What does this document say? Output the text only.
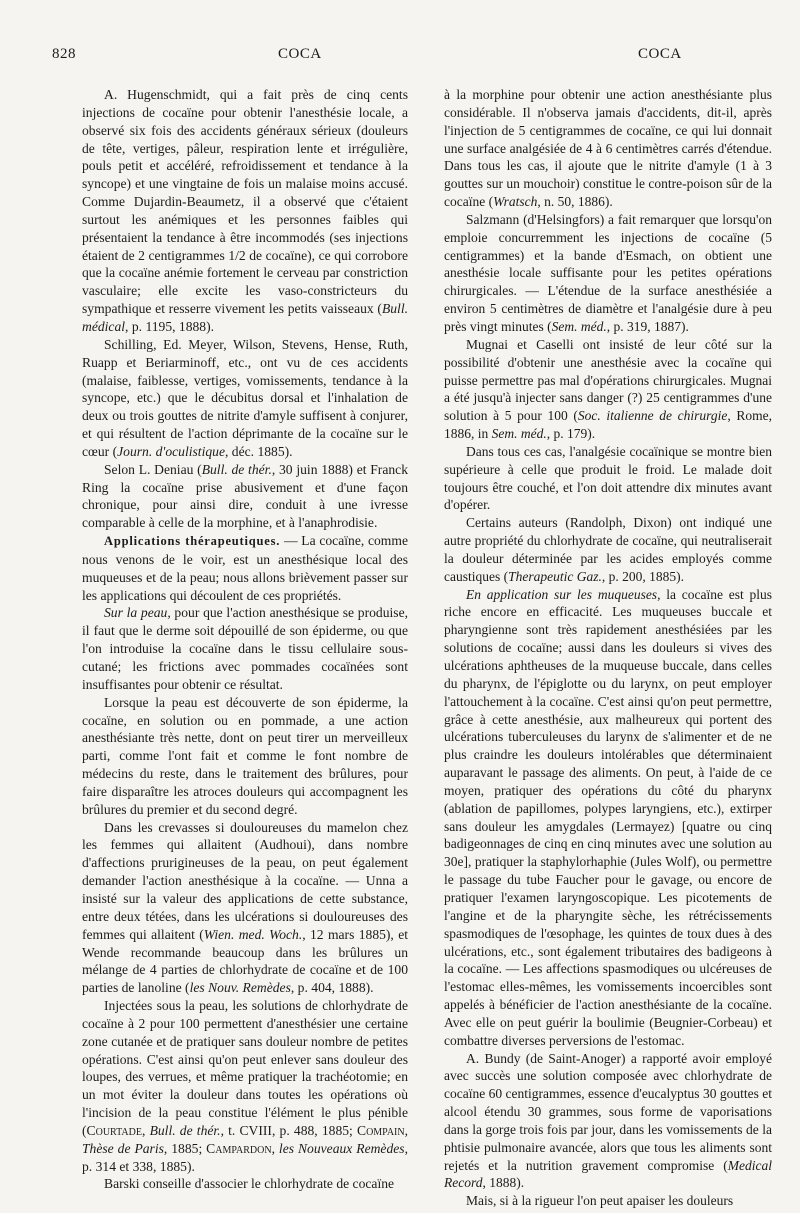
828	COCA	COCA

A. Hugenschmidt, qui a fait près de cinq cents injections de cocaïne pour obtenir l'anesthésie locale, a observé six fois des accidents généraux sérieux (douleurs de tête, vertiges, pâleur, respiration lente et irrégulière, pouls petit et accéléré, refroidissement et tendance à la syncope) et une vingtaine de fois un malaise moins accusé. Comme Dujardin-Beaumetz, il a observé que c'étaient surtout les anémiques et les personnes faibles qui présentaient la tendance à être incommodés (ses injections étaient de 2 centigrammes 1/2 de cocaïne), ce qui corrobore que la cocaïne anémie fortement le cerveau par constriction vasculaire; elle excite les vaso-constricteurs du sympathique et resserre vivement les petits vaisseaux (Bull. médical, p. 1195, 1888).

Schilling, Ed. Meyer, Wilson, Stevens, Hense, Ruth, Ruapp et Beriarminoff, etc., ont vu de ces accidents (malaise, faiblesse, vertiges, vomissements, tendance à la syncope, etc.) que le décubitus dorsal et l'inhalation de deux ou trois gouttes de nitrite d'amyle suffisent à conjurer, et qui résultent de l'action déprimante de la cocaïne sur le cœur (Journ. d'oculistique, déc. 1885).

Selon L. Deniau (Bull. de thér., 30 juin 1888) et Franck Ring la cocaïne prise abusivement et d'une façon chronique, pour ainsi dire, conduit à une ivresse comparable à celle de la morphine, et à l'anaphrodisie.

Applications thérapeutiques. — La cocaïne, comme nous venons de le voir, est un anesthésique local des muqueuses et de la peau; nous allons brièvement passer sur les applications qui découlent de ces propriétés.

Sur la peau, pour que l'action anesthésique se produise, il faut que le derme soit dépouillé de son épiderme, ou que l'on introduise la cocaïne dans le tissu cellulaire sous-cutané; les frictions avec pommades cocaïnées sont insuffisantes pour obtenir ce résultat.

Lorsque la peau est découverte de son épiderme, la cocaïne, en solution ou en pommade, a une action anesthésiante très nette, dont on peut tirer un merveilleux parti, comme l'ont fait et comme le font nombre de médecins du reste, dans le traitement des brûlures, pour faire disparaître les atroces douleurs qui accompagnent les brûlures du premier et du second degré.

Dans les crevasses si douloureuses du mamelon chez les femmes qui allaitent (Audhoui), dans nombre d'affections prurigineuses de la peau, on peut également demander l'action anesthésique à la cocaïne. — Unna a insisté sur la valeur des applications de cette substance, entre deux tétées, dans les ulcérations si douloureuses des femmes qui allaitent (Wien. med. Woch., 12 mars 1885), et Wende recommande beaucoup dans les brûlures un mélange de 4 parties de chlorhydrate de cocaïne et de 100 parties de lanoline (les Nouv. Remèdes, p. 404, 1888).

Injectées sous la peau, les solutions de chlorhydrate de cocaïne à 2 pour 100 permettent d'anesthésier une certaine zone cutanée et de pratiquer sans douleur nombre de petites opérations. C'est ainsi qu'on peut enlever sans douleur des loupes, des verrues, et même pratiquer la trachéotomie; en un mot éviter la douleur dans toutes les opérations où l'incision de la peau constitue l'élément le plus pénible (Courtade, Bull. de thér., t. CVIII, p. 488, 1885; Compain, Thèse de Paris, 1885; Campardon, les Nouveaux Remèdes, p. 314 et 338, 1885).

Barski conseille d'associer le chlorhydrate de cocaïne

à la morphine pour obtenir une action anesthésiante plus considérable. Il n'observa jamais d'accidents, dit-il, après l'injection de 5 centigrammes de cocaïne, ce qui lui donnait une surface analgésiée de 4 à 6 centimètres carrés d'étendue. Dans tous les cas, il ajoute que le nitrite d'amyle (1 à 3 gouttes sur un mouchoir) constitue le contre-poison sûr de la cocaïne (Wratsch, n. 50, 1886).

Salzmann (d'Helsingfors) a fait remarquer que lorsqu'on emploie concurremment les injections de cocaïne (5 centigrammes) et la bande d'Esmach, on obtient une anesthésie locale suffisante pour les petites opérations chirurgicales. — L'étendue de la surface anesthésiée a environ 5 centimètres de diamètre et l'analgésie dure à peu près vingt minutes (Sem. méd., p. 319, 1887).

Mugnai et Caselli ont insisté de leur côté sur la possibilité d'obtenir une anesthésie avec la cocaïne qui puisse permettre pas mal d'opérations chirurgicales. Mugnai a été jusqu'à injecter sans danger (?) 25 centigrammes d'une solution à 5 pour 100 (Soc. italienne de chirurgie, Rome, 1886, in Sem. méd., p. 179).

Dans tous ces cas, l'analgésie cocaïnique se montre bien supérieure à celle que produit le froid. Le malade doit toujours être couché, et l'on doit attendre dix minutes avant d'opérer.

Certains auteurs (Randolph, Dixon) ont indiqué une autre propriété du chlorhydrate de cocaïne, qui neutraliserait la douleur déterminée par les acides employés comme caustiques (Therapeutic Gaz., p. 200, 1885).

En application sur les muqueuses, la cocaïne est plus riche encore en efficacité. Les muqueuses buccale et pharyngienne sont très rapidement anesthésiées par les solutions de cocaïne; aussi dans les douleurs si vives des ulcérations aphtheuses de la muqueuse buccale, dans celles du pharynx, de l'épiglotte ou du larynx, on peut employer l'attouchement à la cocaïne. C'est ainsi qu'on peut permettre, grâce à cette anesthésie, aux malheureux qui portent des ulcérations tuberculeuses du larynx de s'alimenter et de ne plus craindre les douleurs intolérables que déterminaient auparavant le passage des aliments. On peut, à l'aide de ce moyen, pratiquer des opérations du côté du pharynx (ablation de papillomes, polypes laryngiens, etc.), extirper sans douleur les amygdales (Lermayez) [quatre ou cinq badigeonnages de cinq en cinq minutes avec une solution au 30e], pratiquer la staphylorhaphie (Jules Wolf), ou permettre le passage du tube Faucher pour le gavage, ou encore de pratiquer l'examen laryngoscopique. Les picotements de l'angine et de la pharyngite sèche, les rétrécissements spasmodiques de l'œsophage, les quintes de toux dues à des ulcérations, etc., sont également tributaires des badigeons à la cocaïne. — Les affections spasmodiques ou ulcéreuses de l'estomac elles-mêmes, les vomissements incoercibles sont appelés à bénéficier de l'action anesthésiante de la cocaïne. Avec elle on peut guérir la boulimie (Beugnier-Corbeau) et combattre diverses perversions de l'estomac.

A. Bundy (de Saint-Anoger) a rapporté avoir employé avec succès une solution composée avec chlorhydrate de cocaïne 60 centigrammes, essence d'eucalyptus 30 gouttes et alcool étendu 30 grammes, sous forme de vaporisations dans la gorge trois fois par jour, dans les vomissements de la phtisie pulmonaire avancée, alors que tous les aliments sont rejetés et la nutrition gravement compromise (Medical Record, 1888).

Mais, si à la rigueur l'on peut apaiser les douleurs
